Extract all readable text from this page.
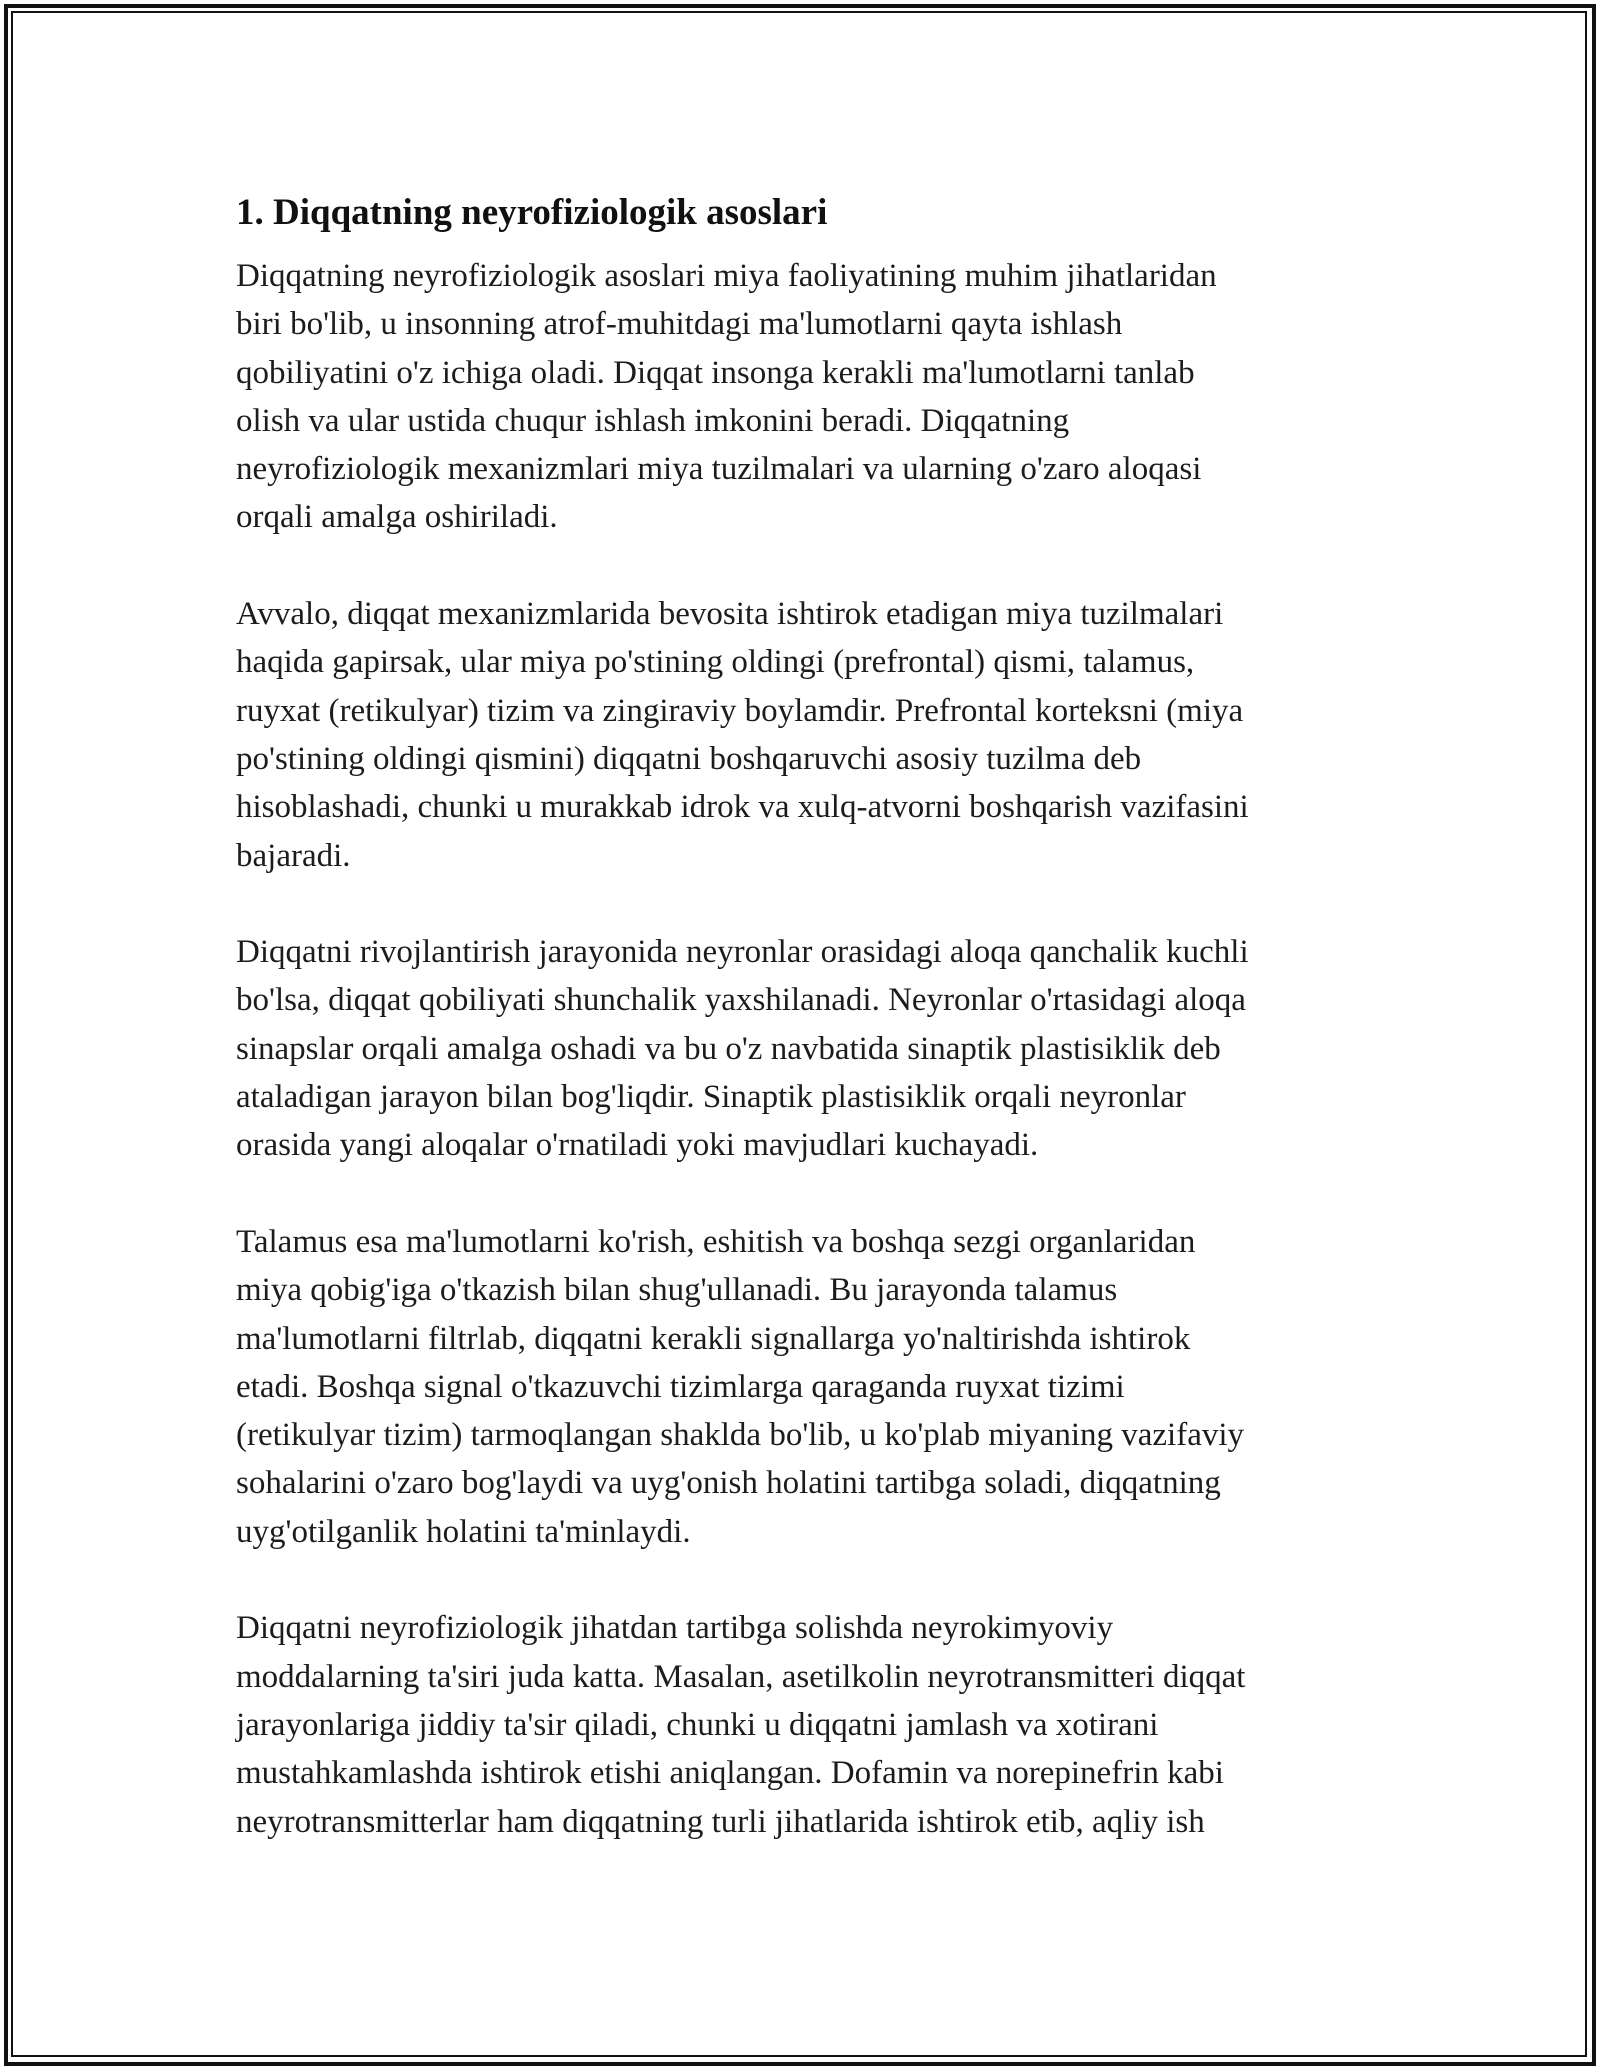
1. Diqqatning neyrofiziologik asoslari

Diqqatning neyrofiziologik asoslari miya faoliyatining muhim jihatlaridan
biri bo'lib, u insonning atrof-muhitdagi ma'lumotlarni qayta ishlash
qobiliyatini o'z ichiga oladi. Diqqat insonga kerakli ma'lumotlarni tanlab
olish va ular ustida chuqur ishlash imkonini beradi. Diqqatning
neyrofiziologik mexanizmlari miya tuzilmalari va ularning o'zaro aloqasi
orqali amalga oshiriladi.

Avvalo, diqqat mexanizmlarida bevosita ishtirok etadigan miya tuzilmalari
haqida gapirsak, ular miya po'stining oldingi (prefrontal) qismi, talamus,
ruyxat (retikulyar) tizim va zingiraviy boylamdir. Prefrontal korteksni (miya
po'stining oldingi qismini) diqqatni boshqaruvchi asosiy tuzilma deb
hisoblashadi, chunki u murakkab idrok va xulq-atvorni boshqarish vazifasini
bajaradi.

Diqqatni rivojlantirish jarayonida neyronlar orasidagi aloqa qanchalik kuchli
bo'lsa, diqqat qobiliyati shunchalik yaxshilanadi. Neyronlar o'rtasidagi aloqa
sinapslar orqali amalga oshadi va bu o'z navbatida sinaptik plastisiklik deb
ataladigan jarayon bilan bog'liqdir. Sinaptik plastisiklik orqali neyronlar
orasida yangi aloqalar o'rnatiladi yoki mavjudlari kuchayadi.

Talamus esa ma'lumotlarni ko'rish, eshitish va boshqa sezgi organlaridan
miya qobig'iga o'tkazish bilan shug'ullanadi. Bu jarayonda talamus
ma'lumotlarni filtrlab, diqqatni kerakli signallarga yo'naltirishda ishtirok
etadi. Boshqa signal o'tkazuvchi tizimlarga qaraganda ruyxat tizimi
(retikulyar tizim) tarmoqlangan shaklda bo'lib, u ko'plab miyaning vazifaviy
sohalarini o'zaro bog'laydi va uyg'onish holatini tartibga soladi, diqqatning
uyg'otilganlik holatini ta'minlaydi.

Diqqatni neyrofiziologik jihatdan tartibga solishda neyrokimyoviy
moddalarning ta'siri juda katta. Masalan, asetilkolin neyrotransmitteri diqqat
jarayonlariga jiddiy ta'sir qiladi, chunki u diqqatni jamlash va xotirani
mustahkamlashda ishtirok etishi aniqlangan. Dofamin va norepinefrin kabi
neyrotransmitterlar ham diqqatning turli jihatlarida ishtirok etib, aqliy ish
